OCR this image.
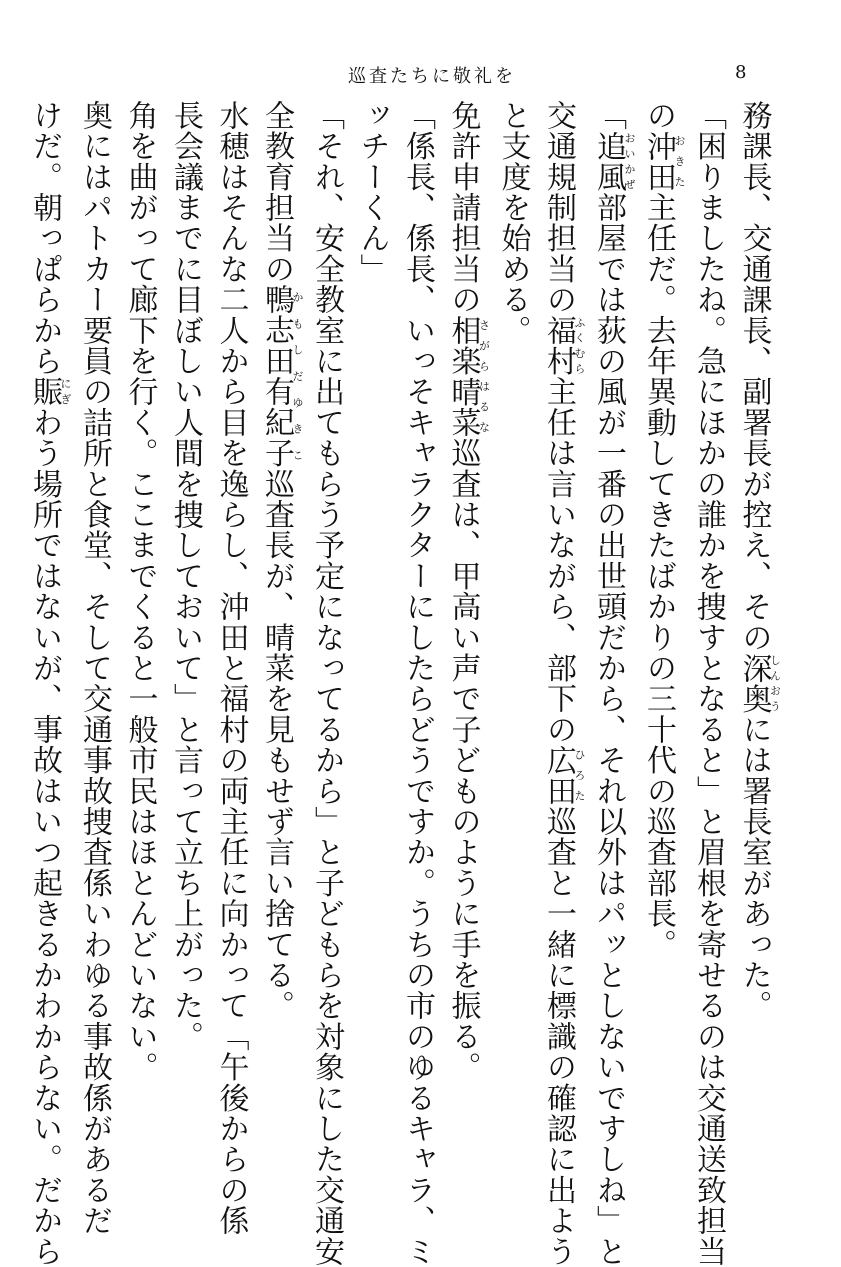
巡査たちに敬礼を	8
務課長、交通課長、副署長が控え、その深奥しんおうには署長室があった。
「困りましたね。急にほかの誰かを捜すとなると」と眉根を寄せるのは交通送致担当
の沖田おきた主任だ。去年異動してきたばかりの三十代の巡査部長。
「追風おいかぜ部屋では荻の風が一番の出世頭だから、それ以外はパッとしないですしね」と
交通規制担当の福村ふくむら主任は言いながら、部下の広田ひろた巡査と一緒に標識の確認に出よう
と支度を始める。
免許申請担当の相楽晴菜さがらはるな巡査は、甲高い声で子どものように手を振る。
「係長、係長、いっそキャラクターにしたらどうですか。うちの市のゆるキャラ、ミ
ッチーくん」
「それ、安全教室に出てもらう予定になってるから」と子どもらを対象にした交通安
全教育担当の鴨志田有紀子かもしだゆきこ巡査長が、晴菜を見もせず言い捨てる。
水穂はそんな二人から目を逸らし、沖田と福村の両主任に向かって「午後からの係
長会議までに目ぼしい人間を捜しておいて」と言って立ち上がった。
角を曲がって廊下を行く。ここまでくると一般市民はほとんどいない。
奥にはパトカー要員の詰所と食堂、そして交通事故捜査係いわゆる事故係があるだ
けだ。朝っぱらから賑にぎわう場所ではないが、事故はいつ起きるかわからない。だから
